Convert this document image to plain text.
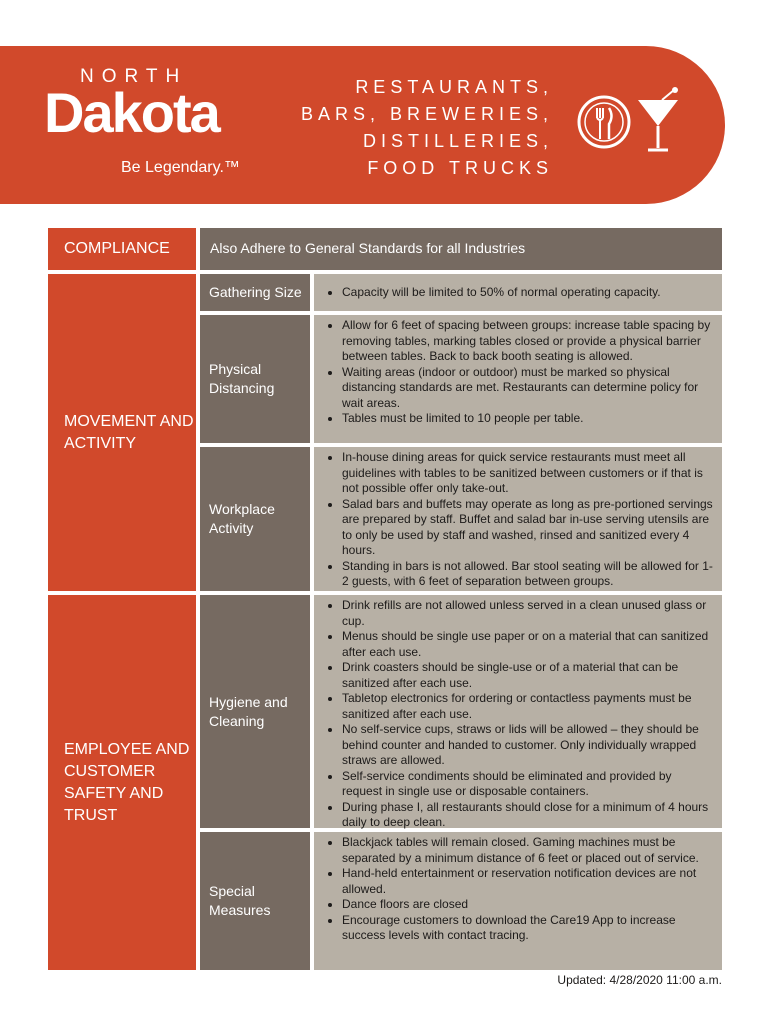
NORTH
Dakota
Be Legendary.™
RESTAURANTS,
BARS, BREWERIES,
DISTILLERIES,
FOOD TRUCKS
COMPLIANCE	Also Adhere to General Standards for all Industries
MOVEMENT AND ACTIVITY
Gathering Size
•	Capacity will be limited to 50% of normal operating capacity.
Physical Distancing
• Allow for 6 feet of spacing between groups: increase table spacing by removing tables, marking tables closed or provide a physical barrier between tables. Back to back booth seating is allowed.
• Waiting areas (indoor or outdoor) must be marked so physical distancing standards are met. Restaurants can determine policy for wait areas.
• Tables must be limited to 10 people per table.
Workplace Activity
• In-house dining areas for quick service restaurants must meet all guidelines with tables to be sanitized between customers or if that is not possible offer only take-out.
• Salad bars and buffets may operate as long as pre-portioned servings are prepared by staff. Buffet and salad bar in-use serving utensils are to only be used by staff and washed, rinsed and sanitized every 4 hours.
• Standing in bars is not allowed. Bar stool seating will be allowed for 1-2 guests, with 6 feet of separation between groups.
EMPLOYEE AND CUSTOMER SAFETY AND TRUST
Hygiene and Cleaning
• Drink refills are not allowed unless served in a clean unused glass or cup.
• Menus should be single use paper or on a material that can sanitized after each use.
• Drink coasters should be single-use or of a material that can be sanitized after each use.
• Tabletop electronics for ordering or contactless payments must be sanitized after each use.
• No self-service cups, straws or lids will be allowed – they should be behind counter and handed to customer. Only individually wrapped straws are allowed.
• Self-service condiments should be eliminated and provided by request in single use or disposable containers.
• During phase I, all restaurants should close for a minimum of 4 hours daily to deep clean.
Special Measures
• Blackjack tables will remain closed. Gaming machines must be separated by a minimum distance of 6 feet or placed out of service.
• Hand-held entertainment or reservation notification devices are not allowed.
• Dance floors are closed
• Encourage customers to download the Care19 App to increase success levels with contact tracing.
Updated: 4/28/2020 11:00 a.m.
